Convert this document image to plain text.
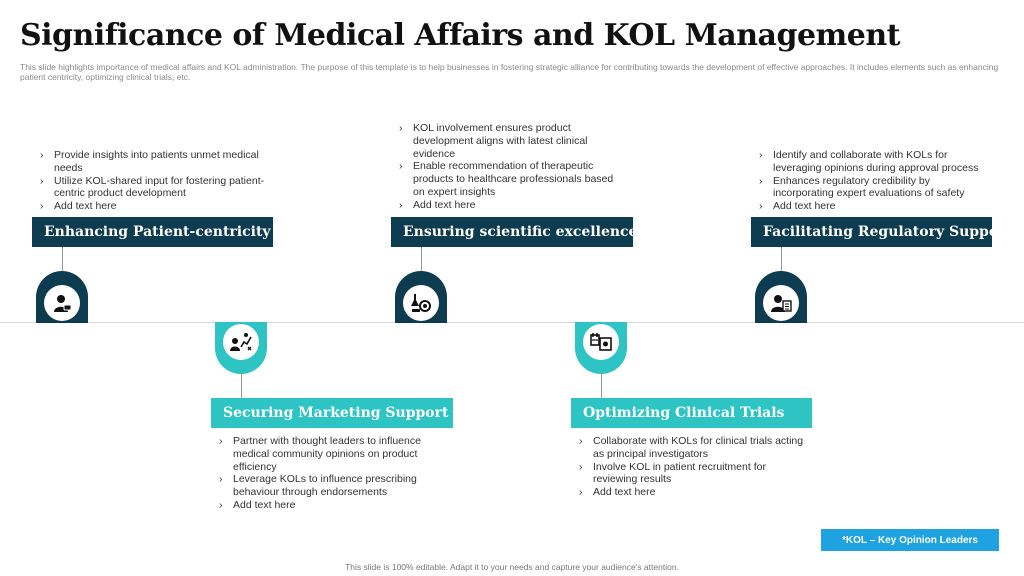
Significance of Medical Affairs and KOL Management
This slide highlights importance of medical affairs and KOL administration. The purpose of this template is to help businesses in fostering strategic alliance for contributing towards the development of effective approaches. It includes elements such as enhancing patient centricity, optimizing clinical trials, etc.
› Provide insights into patients unmet medical needs
› Utilize KOL-shared input for fostering patient-centric product development
› Add text here
Enhancing Patient-centricity
Securing Marketing Support
› Partner with thought leaders to influence medical community opinions on product efficiency
› Leverage KOLs to influence prescribing behaviour through endorsements
› Add text here
› KOL involvement ensures product development aligns with latest clinical evidence
› Enable recommendation of therapeutic products to healthcare professionals based on expert insights
› Add text here
Ensuring scientific excellence
Optimizing Clinical Trials
› Collaborate with KOLs for clinical trials acting as principal investigators
› Involve KOL in patient recruitment for reviewing results
› Add text here
› Identify and collaborate with KOLs for leveraging opinions during approval process
› Enhances regulatory credibility by incorporating expert evaluations of safety
› Add text here
Facilitating Regulatory Support
*KOL – Key Opinion Leaders
This slide is 100% editable. Adapt it to your needs and capture your audience's attention.
